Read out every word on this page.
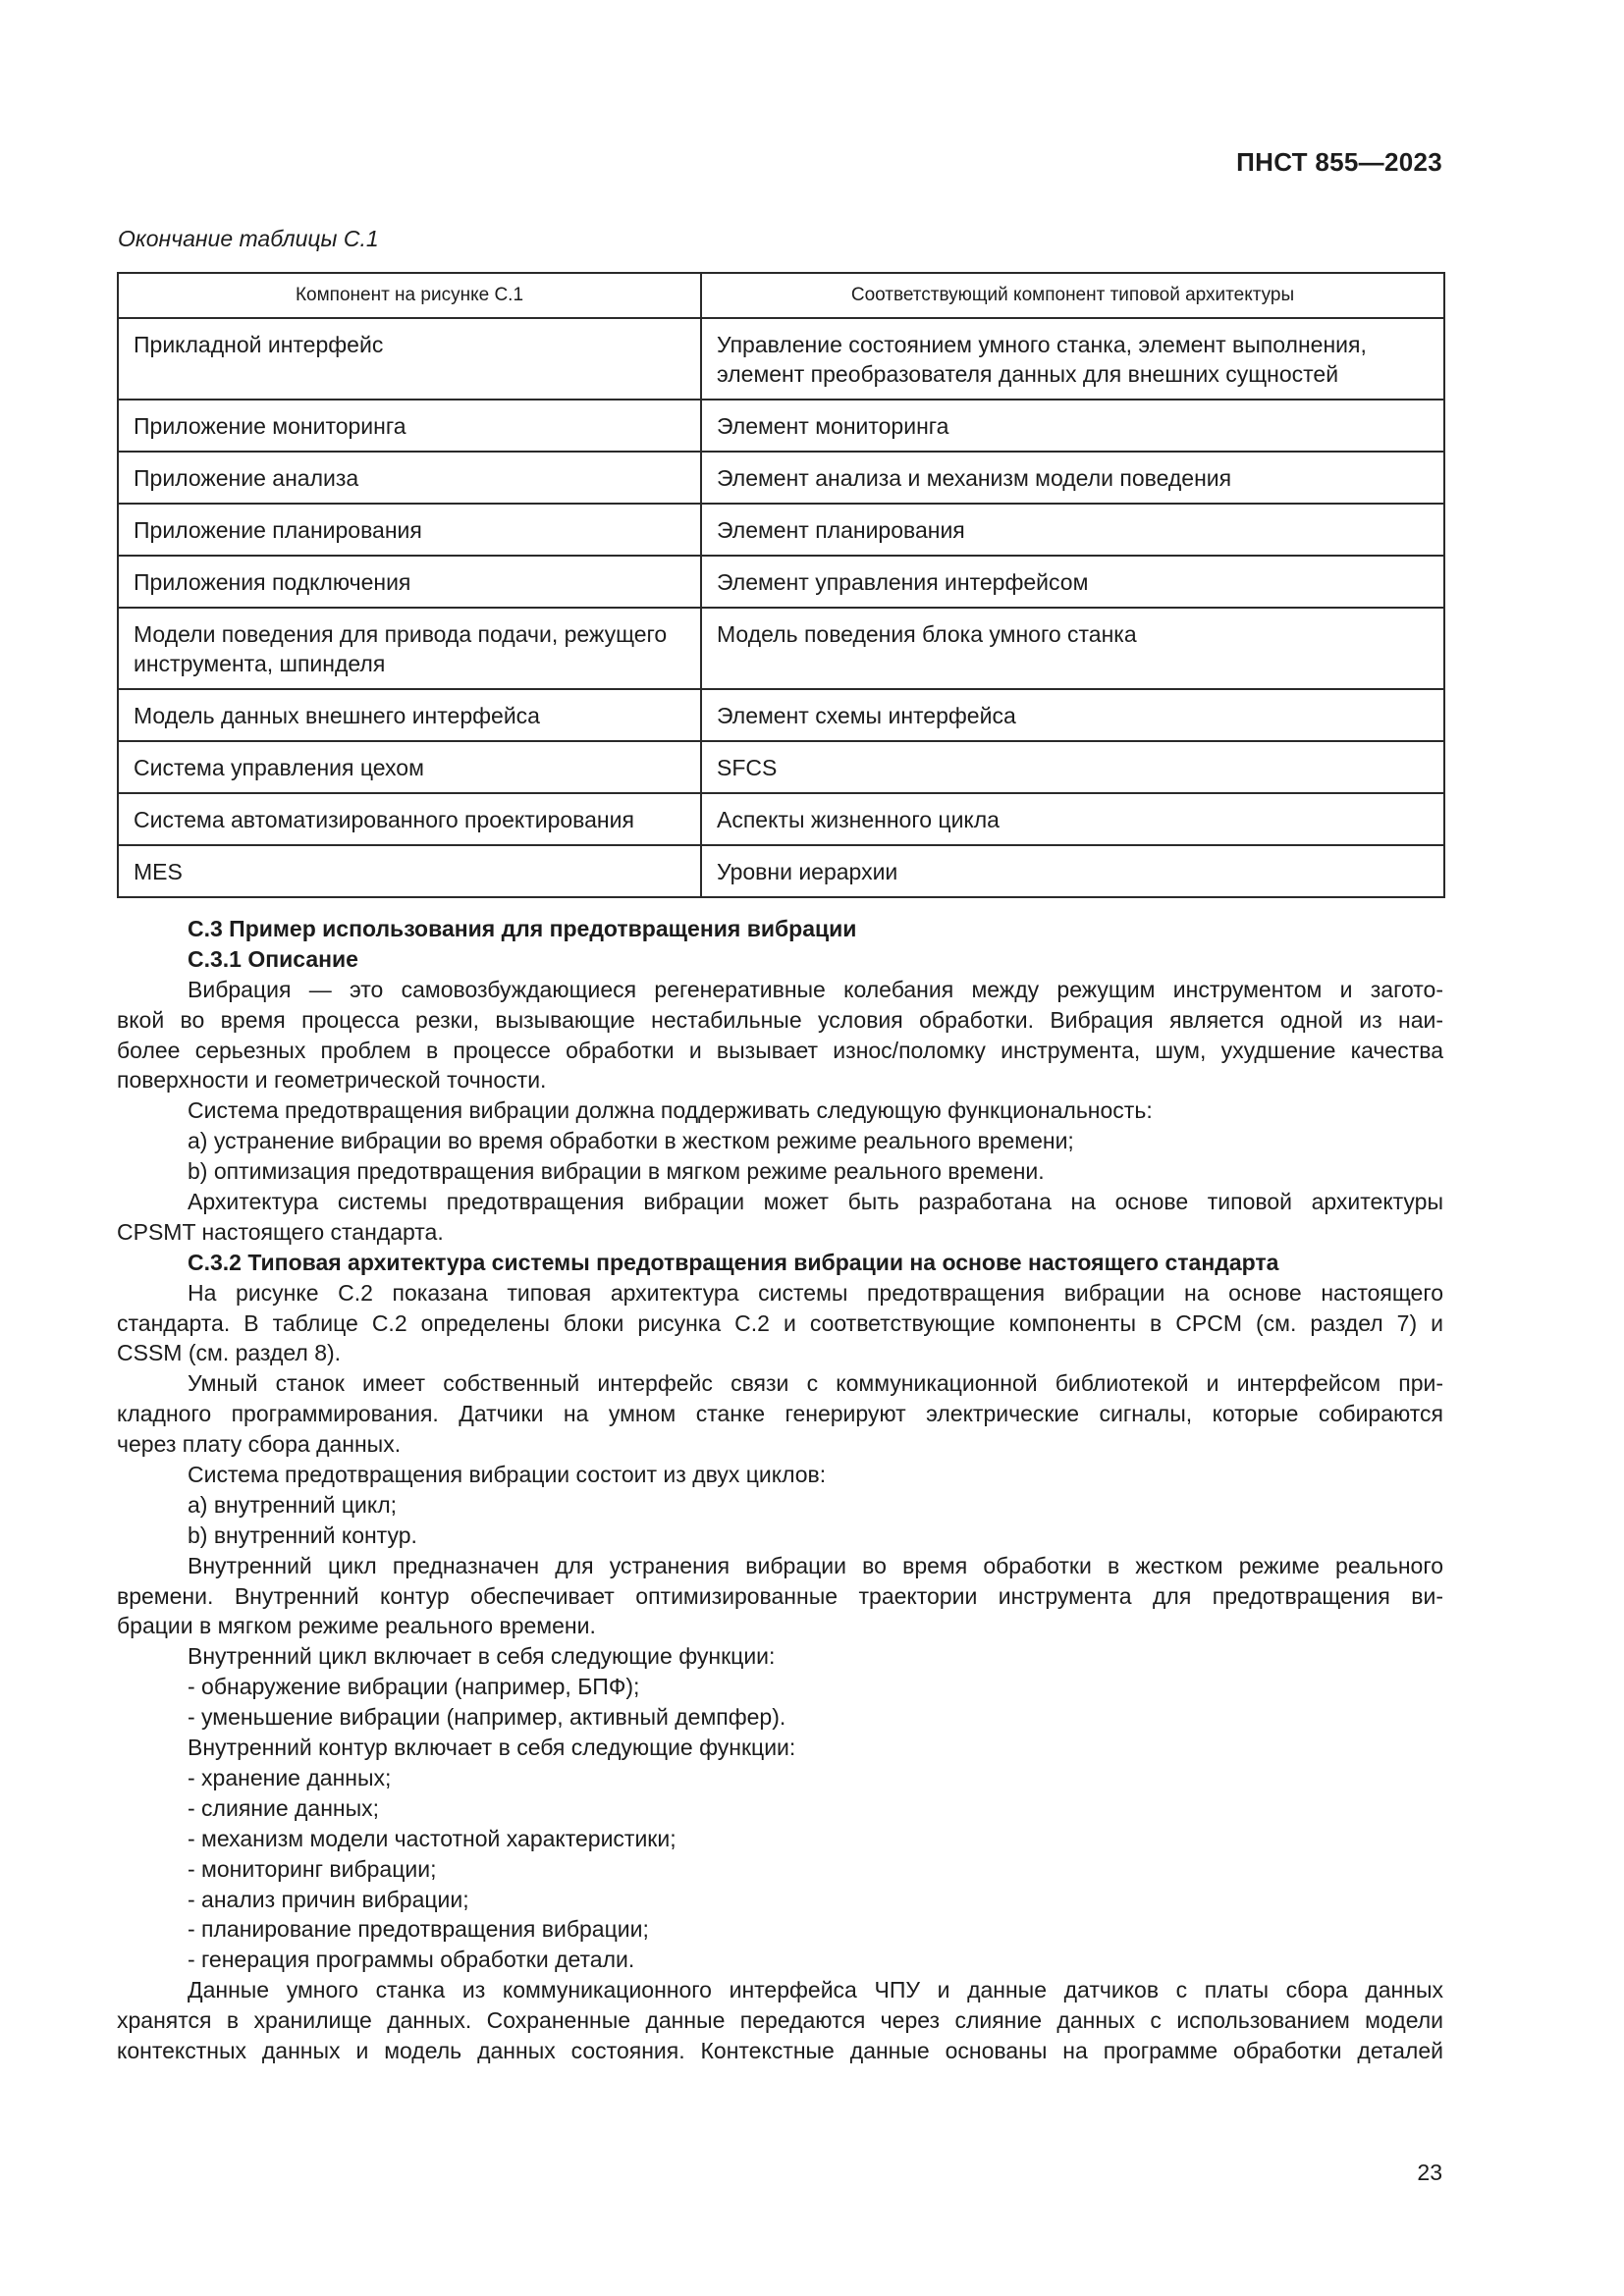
ПНСТ 855—2023
Окончание таблицы С.1
Компонент на рисунке С.1	Соответствующий компонент типовой архитектуры
Прикладной интерфейс	Управление состоянием умного станка, элемент выполнения, элемент преобразователя данных для внешних сущностей
Приложение мониторинга	Элемент мониторинга
Приложение анализа	Элемент анализа и механизм модели поведения
Приложение планирования	Элемент планирования
Приложения подключения	Элемент управления интерфейсом
Модели поведения для привода подачи, режущего инструмента, шпинделя	Модель поведения блока умного станка
Модель данных внешнего интерфейса	Элемент схемы интерфейса
Система управления цехом	SFCS
Система автоматизированного проектирования	Аспекты жизненного цикла
MES	Уровни иерархии
С.3 Пример использования для предотвращения вибрации
С.3.1 Описание
Вибрация — это самовозбуждающиеся регенеративные колебания между режущим инструментом и загото-
вкой во время процесса резки, вызывающие нестабильные условия обработки. Вибрация является одной из наи-
более серьезных проблем в процессе обработки и вызывает износ/поломку инструмента, шум, ухудшение качества
поверхности и геометрической точности.
Система предотвращения вибрации должна поддерживать следующую функциональность:
a) устранение вибрации во время обработки в жестком режиме реального времени;
b) оптимизация предотвращения вибрации в мягком режиме реального времени.
Архитектура системы предотвращения вибрации может быть разработана на основе типовой архитектуры
CPSMT настоящего стандарта.
С.3.2 Типовая архитектура системы предотвращения вибрации на основе настоящего стандарта
На рисунке С.2 показана типовая архитектура системы предотвращения вибрации на основе настоящего
стандарта. В таблице С.2 определены блоки рисунка С.2 и соответствующие компоненты в CPCM (см. раздел 7) и
CSSM (см. раздел 8).
Умный станок имеет собственный интерфейс связи с коммуникационной библиотекой и интерфейсом при-
кладного программирования. Датчики на умном станке генерируют электрические сигналы, которые собираются
через плату сбора данных.
Система предотвращения вибрации состоит из двух циклов:
a) внутренний цикл;
b) внутренний контур.
Внутренний цикл предназначен для устранения вибрации во время обработки в жестком режиме реального
времени. Внутренний контур обеспечивает оптимизированные траектории инструмента для предотвращения ви-
брации в мягком режиме реального времени.
Внутренний цикл включает в себя следующие функции:
- обнаружение вибрации (например, БПФ);
- уменьшение вибрации (например, активный демпфер).
Внутренний контур включает в себя следующие функции:
- хранение данных;
- слияние данных;
- механизм модели частотной характеристики;
- мониторинг вибрации;
- анализ причин вибрации;
- планирование предотвращения вибрации;
- генерация программы обработки детали.
Данные умного станка из коммуникационного интерфейса ЧПУ и данные датчиков с платы сбора данных
хранятся в хранилище данных. Сохраненные данные передаются через слияние данных с использованием модели
контекстных данных и модель данных состояния. Контекстные данные основаны на программе обработки деталей
23
